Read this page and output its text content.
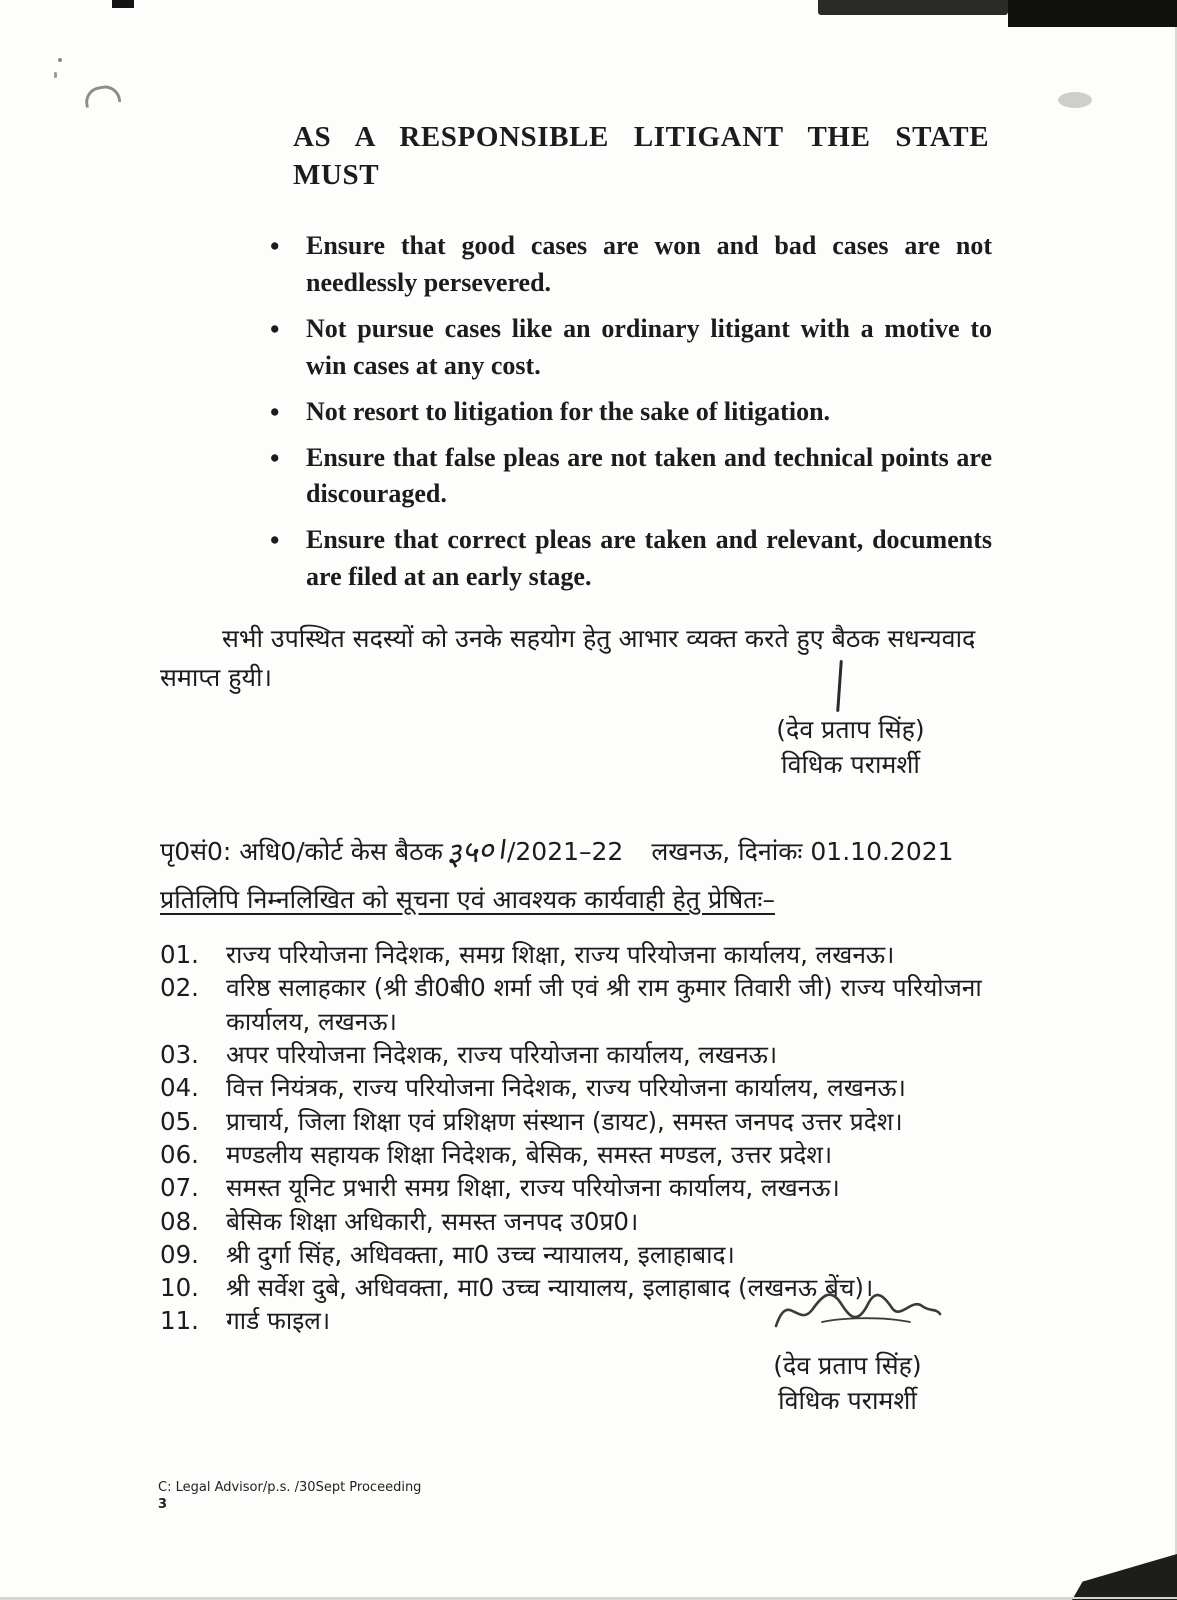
AS A RESPONSIBLE LITIGANT THE STATE
MUST
• Ensure that good cases are won and bad cases are not needlessly persevered.
• Not pursue cases like an ordinary litigant with a motive to win cases at any cost.
• Not resort to litigation for the sake of litigation.
• Ensure that false pleas are not taken and technical points are discouraged.
• Ensure that correct pleas are taken and relevant, documents are filed at an early stage.
सभी उपस्थित सदस्यों को उनके सहयोग हेतु आभार व्यक्त करते हुए बैठक सधन्यवाद समाप्त हुयी।
(देव प्रताप सिंह)
विधिक परामर्शी
पृ0सं0: अधि0/कोर्ट केस बैठक३५०।/2021–22 लखनऊ, दिनांकः 01.10.2021
प्रतिलिपि निम्नलिखित को सूचना एवं आवश्यक कार्यवाही हेतु प्रेषितः–
01.	राज्य परियोजना निदेशक, समग्र शिक्षा, राज्य परियोजना कार्यालय, लखनऊ।
02.	वरिष्ठ सलाहकार (श्री डी0बी0 शर्मा जी एवं श्री राम कुमार तिवारी जी) राज्य परियोजना कार्यालय, लखनऊ।
03.	अपर परियोजना निदेशक, राज्य परियोजना कार्यालय, लखनऊ।
04.	वित्त नियंत्रक, राज्य परियोजना निदेशक, राज्य परियोजना कार्यालय, लखनऊ।
05.	प्राचार्य, जिला शिक्षा एवं प्रशिक्षण संस्थान (डायट), समस्त जनपद उत्तर प्रदेश।
06.	मण्डलीय सहायक शिक्षा निदेशक, बेसिक, समस्त मण्डल, उत्तर प्रदेश।
07.	समस्त यूनिट प्रभारी समग्र शिक्षा, राज्य परियोजना कार्यालय, लखनऊ।
08.	बेसिक शिक्षा अधिकारी, समस्त जनपद उ0प्र0।
09.	श्री दुर्गा सिंह, अधिवक्ता, मा0 उच्च न्यायालय, इलाहाबाद।
10.	श्री सर्वेश दुबे, अधिवक्ता, मा0 उच्च न्यायालय, इलाहाबाद (लखनऊ बेंच)।
11.	गार्ड फाइल।
(देव प्रताप सिंह)
विधिक परामर्शी
C: Legal Advisor/p.s. /30Sept Proceeding
3
